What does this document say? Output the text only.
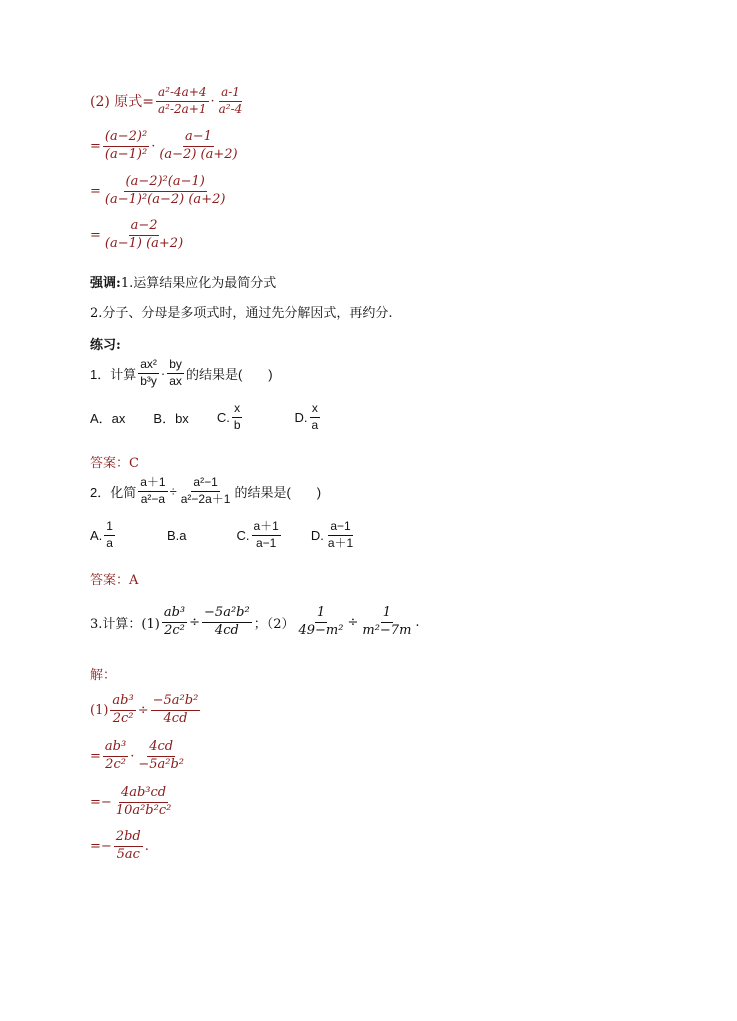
(2) 原式= $\frac{\text{a²-4a+4}}{\text{a²-2a+1}} \cdot \frac{a-1}{\text{a²-4}}$
= $\frac{\text{(a−2)²}}{\text{(a−1)²}} \cdot \frac{a-1}{(a-2) (a+2)}$
= $\frac{\text{(a−2)²(a−1)}}{\text{(a−1)²(a−2) (a+2)}}$
= $\frac{a-2}{(a-1) (a+2)}$
强调: 1.运算结果应化为最简分式
2.分子、分母是多项式时，通过先分解因式，再约分.
练习:
1．计算 $\frac{\text{ax²}}{\text{b³y}} \cdot \frac{by}{ax}$ 的结果是(　　)
A．ax B．bx C. $\frac{x}{b}$	D. $\frac{x}{a}$
答案：C
2．化简 $\frac{a+1}{\text{a²−a}} \div \frac{\text{a²−1}}{\text{a²−2a＋1}}$ 的结果是(　　)
A. $\frac{1}{a}$	B.a	C. $\frac{a+1}{a-1} D$. $\frac{a-1}{a+1}$
答案：A
3.计算：$(1) \frac{\text{ab³}}{\text{2c²}} \div \frac{\text{−5a²b²}}{4cd}$ ；$(2) \frac{1}{\text{49−m²}} \div \frac{1}{\text{m²−7m}}$ .
解：
$(1) \frac{\text{ab³}}{\text{2c²}} \div \frac{\text{−5a²b²}}{4cd}$
= $\frac{\text{ab³}}{\text{2c²}} \cdot \frac{4cd}{\text{−5a²b²}}$
=− $\frac{\text{4ab³cd}}{\text{10a²b²c²}}$
=− $\frac{2bd}{5ac}$ .
